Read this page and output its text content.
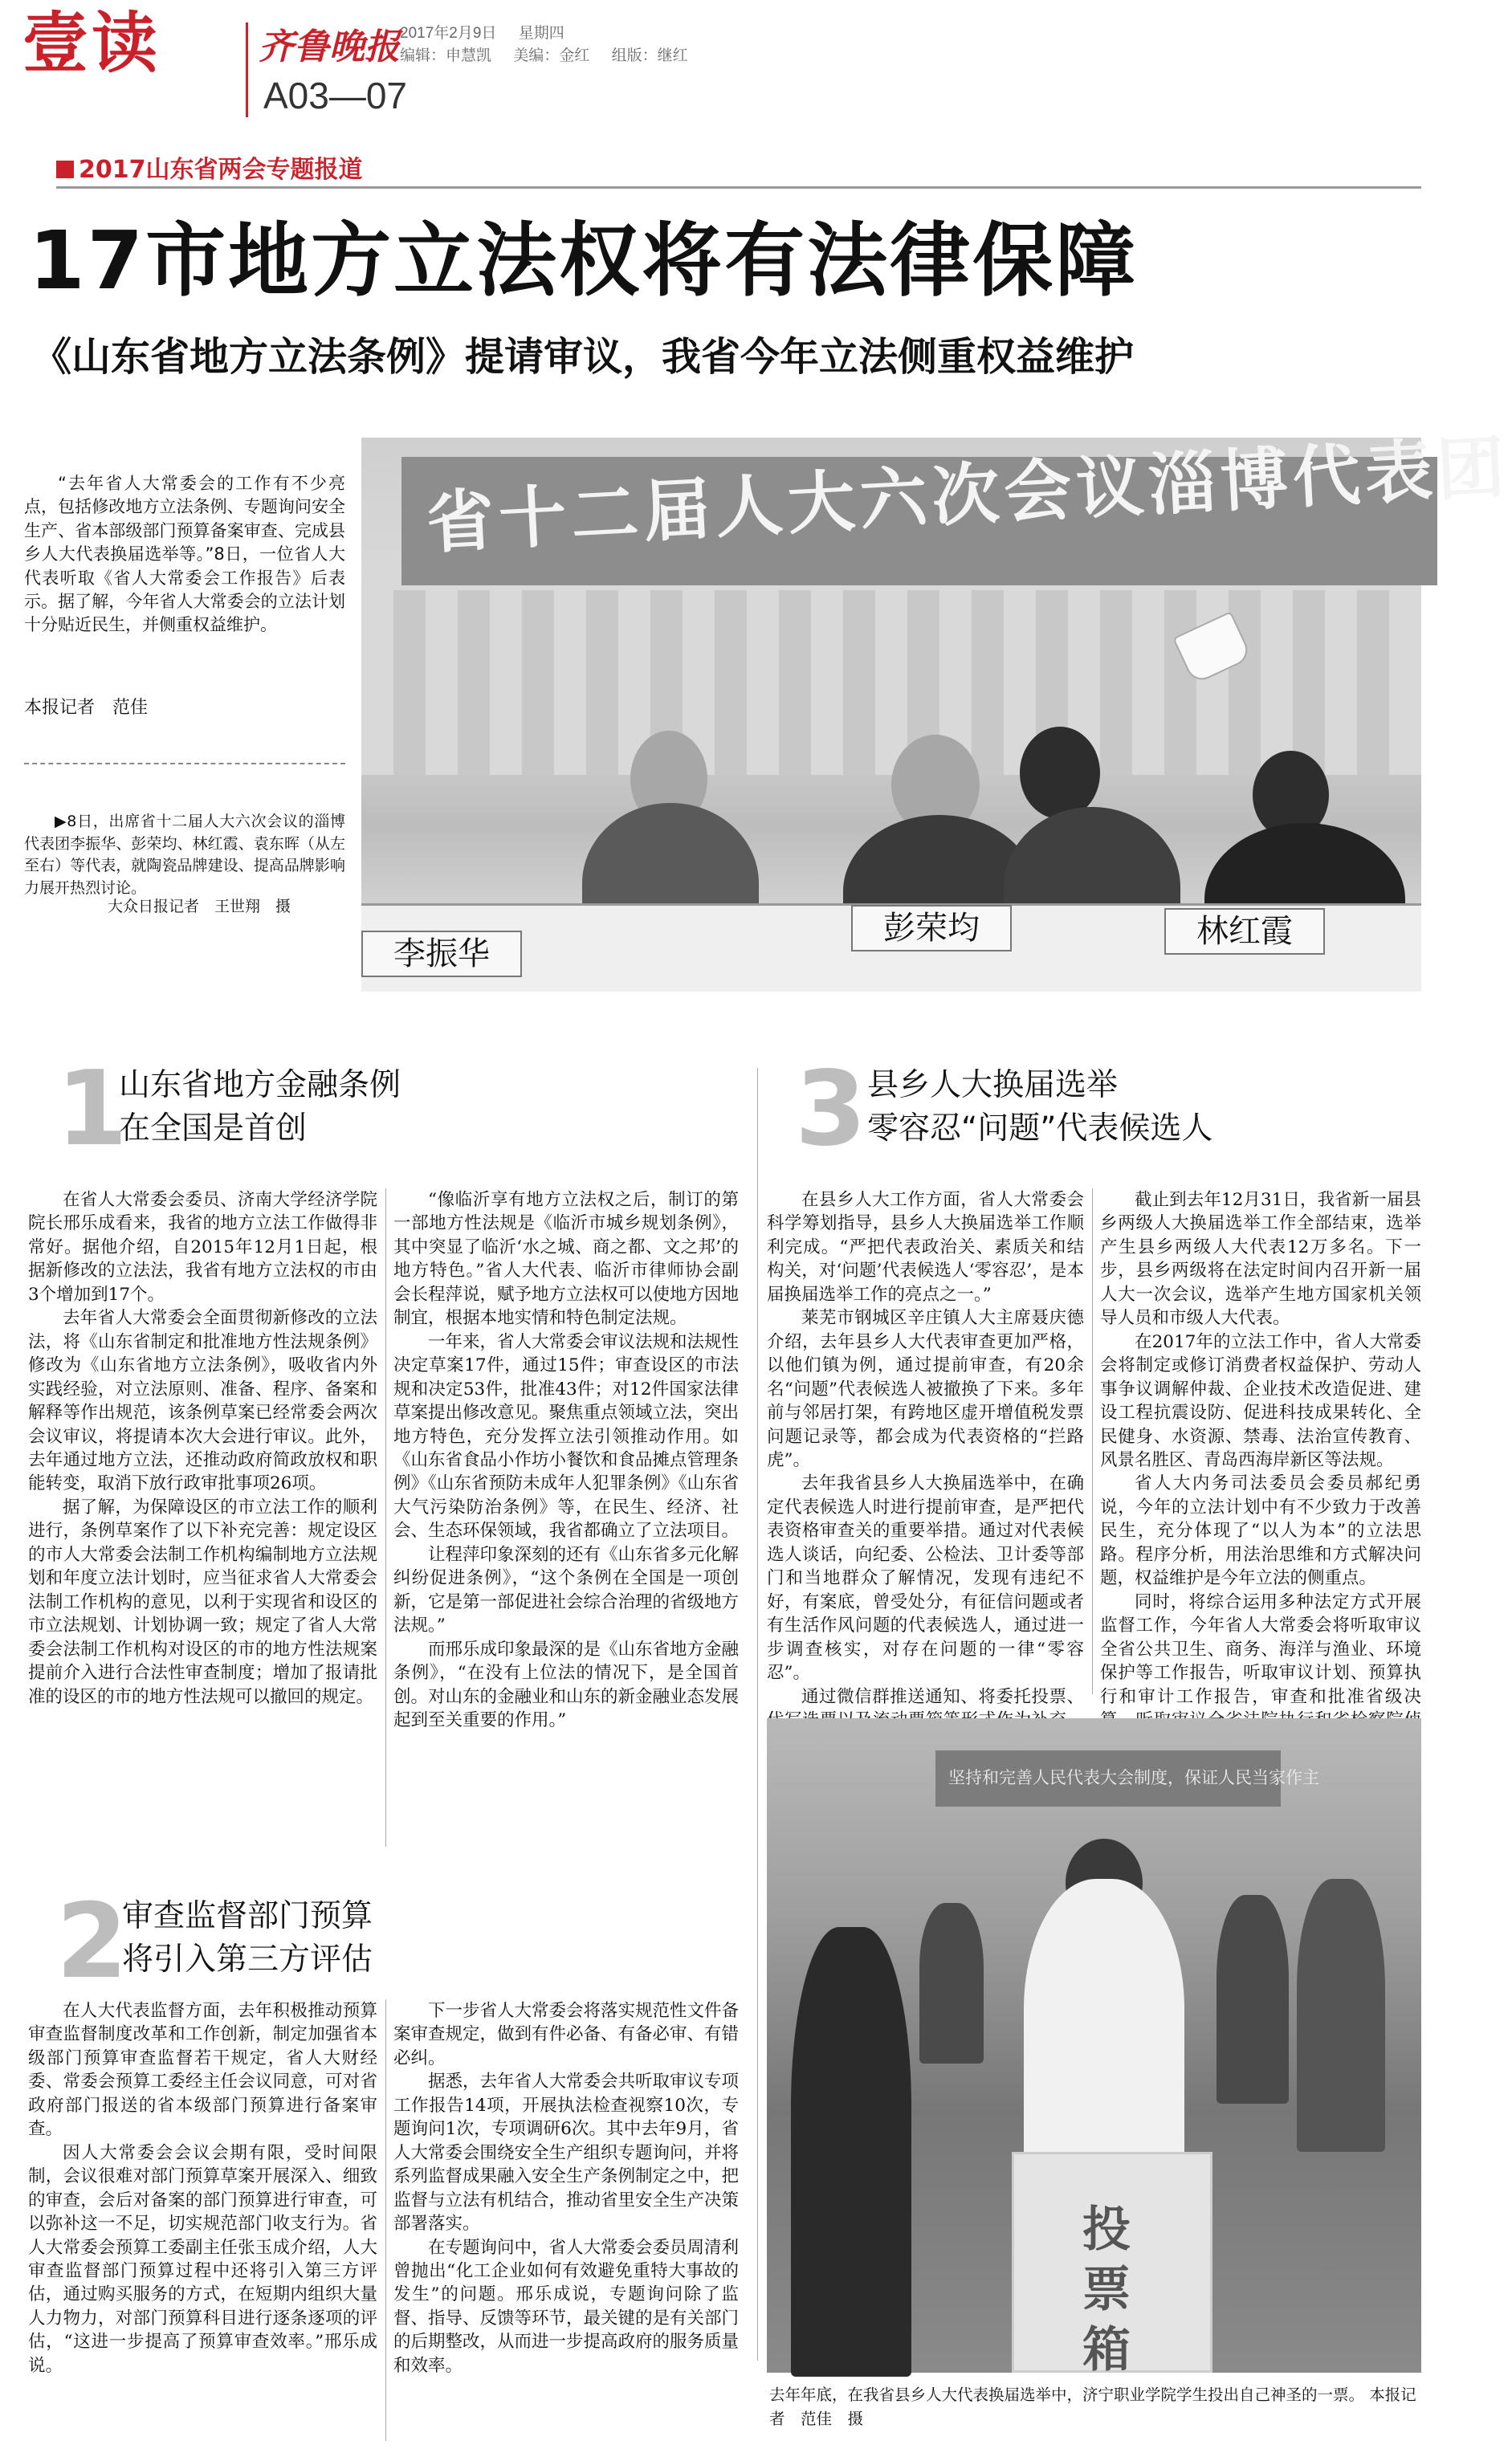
壹读	齐鲁晚报
A03—07
2017年2月9日 星期四
编辑：申慧凯 美编：金红 组版：继红
2017山东省两会专题报道
17市地方立法权将有法律保障
《山东省地方立法条例》提请审议，我省今年立法侧重权益维护

“去年省人大常委会的工作有不少亮点，包括修改地方立法条例、专题询问安全生产、省本部级部门预算备案审查、完成县乡人大代表换届选举等。”8日，一位省人大代表听取《省人大常委会工作报告》后表示。据了解，今年省人大常委会的立法计划十分贴近民生，并侧重权益维护。

本报记者　范佳

▶8日，出席省十二届人大六次会议的淄博代表团李振华、彭荣均、林红霞、袁东晖（从左至右）等代表，就陶瓷品牌建设、提高品牌影响力展开热烈讨论。

大众日报记者　王世翔　摄
省十二届人大六次会议淄博代表团
李振华
彭荣均	林红霞
1
山东省地方金融条例
在全国是首创

在省人大常委会委员、济南大学经济学院院长邢乐成看来，我省的地方立法工作做得非常好。据他介绍，自2015年12月1日起，根据新修改的立法法，我省有地方立法权的市由3个增加到17个。

去年省人大常委会全面贯彻新修改的立法法，将《山东省制定和批准地方性法规条例》修改为《山东省地方立法条例》，吸收省内外实践经验，对立法原则、准备、程序、备案和解释等作出规范，该条例草案已经常委会两次会议审议，将提请本次大会进行审议。此外，去年通过地方立法，还推动政府简政放权和职能转变，取消下放行政审批事项26项。

据了解，为保障设区的市立法工作的顺利进行，条例草案作了以下补充完善：规定设区的市人大常委会法制工作机构编制地方立法规划和年度立法计划时，应当征求省人大常委会法制工作机构的意见，以利于实现省和设区的市立法规划、计划协调一致；规定了省人大常委会法制工作机构对设区的市的地方性法规案提前介入进行合法性审查制度；增加了报请批准的设区的市的地方性法规可以撤回的规定。

“像临沂享有地方立法权之后，制订的第一部地方性法规是《临沂市城乡规划条例》，其中突显了临沂‘水之城、商之都、文之邦’的地方特色。”省人大代表、临沂市律师协会副会长程萍说，赋予地方立法权可以使地方因地制宜，根据本地实情和特色制定法规。

一年来，省人大常委会审议法规和法规性决定草案17件，通过15件；审查设区的市法规和决定53件，批准43件；对12件国家法律草案提出修改意见。聚焦重点领域立法，突出地方特色，充分发挥立法引领推动作用。如《山东省食品小作坊小餐饮和食品摊点管理条例》《山东省预防未成年人犯罪条例》《山东省大气污染防治条例》等，在民生、经济、社会、生态环保领域，我省都确立了立法项目。

让程萍印象深刻的还有《山东省多元化解纠纷促进条例》，“这个条例在全国是一项创新，它是第一部促进社会综合治理的省级地方法规。”

而邢乐成印象最深的是《山东省地方金融条例》，“在没有上位法的情况下，是全国首创。对山东的金融业和山东的新金融业态发展起到至关重要的作用。”

3 县乡人大换届选举
零容忍“问题”代表候选人

在县乡人大工作方面，省人大常委会科学筹划指导，县乡人大换届选举工作顺利完成。“严把代表政治关、素质关和结构关，对‘问题’代表候选人‘零容忍’，是本届换届选举工作的亮点之一。”

莱芜市钢城区辛庄镇人大主席聂庆德介绍，去年县乡人大代表审查更加严格，以他们镇为例，通过提前审查，有20余名“问题”代表候选人被撤换了下来。多年前与邻居打架，有跨地区虚开增值税发票问题记录等，都会成为代表资格的“拦路虎”。

去年我省县乡人大换届选举中，在确定代表候选人时进行提前审查，是严把代表资格审查关的重要举措。通过对代表候选人谈话，向纪委、公检法、卫计委等部门和当地群众了解情况，发现有违纪不好，有案底，曾受处分，有征信问题或者有生活作风问题的代表候选人，通过进一步调查核实，对存在问题的一律“零容忍”。

通过微信群推送通知、将委托投票、

截止到去年12月31日，我省新一届县乡两级人大换届选举工作全部结束，选举产生县乡两级人大代表12万多名。下一步，县乡两级将在法定时间内召开新一届人大一次会议，选举产生地方国家机关领导人员和市级人大代表。

在2017年的立法工作中，省人大常委会将制定或修订消费者权益保护、劳动人事争议调解仲裁、企业技术改造促进、建设工程抗震设防、促进科技成果转化、全民健身、水资源、禁毒、法治宣传教育、风景名胜区、青岛西海岸新区等法规。

省人大内务司法委员会委员郝纪勇说，今年的立法计划中有不少致力于改善民生，充分体现了“以人为本”的立法思路。程序分析，用法治思维和方式解决问题，权益维护是今年立法的侧重点。

同时，将综合运用多种法定方式开展监督工作，今年省人大常委会将听取审议全省公共卫生、商务、海洋与渔业、环境保护等工作报告，听取审议计划、预算执行和审计工作报告，审查和批准省级决

2
审查监督部门预算
将引入第三方评估

在人大代表监督方面，去年积极推动预算审查监督制度改革和工作创新，制定加强省本级部门预算审查监督若干规定，省人大财经委、常委会预算工委经主任会议同意，可对省政府部门报送的省本级部门预算进行备案审查。

因人大常委会会议会期有限，受时间限制，会议很难对部门预算草案开展深入、细致的审查，会后对备案的部门预算进行审查，可以弥补这一不足，切实规范部门收支行为。省人大常委会预算工委副主任张玉成介绍，人大审查监督部门预算过程中还将引入第三方评估，通过购买服务的方式，在短期内组织大量人力物力，对部门预算科目进行逐条逐项的评估，“这进一步提高了预算审查效率。”邢乐成说。

下一步省人大常委会将落实规范性文件备案审查规定，做到有件必备、有备必审、有错必纠。

据悉，去年省人大常委会共听取审议专项工作报告14项，开展执法检查视察10次，专题询问1次，专项调研6次。其中去年9月，省人大常委会围绕安全生产组织专题询问，并将系列监督成果融入安全生产条例制定之中，把监督与立法有机结合，推动省里安全生产决策部署落实。

在专题询问中，省人大常委会委员周清利曾抛出“化工企业如何有效避免重特大事故的发生”的问题。邢乐成说，专题询问除了监督、指导、反馈等环节，最关键的是有关部门的后期整改，从而进一步提高政府的服务质量和效率。

坚持和完善人民代表大会制度，保证人民当家作主
投票箱
去年年底，在我省县乡人大代表换届选举中，济宁职业学院学生投出自己神圣的一票。 本报记者　范佳　摄
